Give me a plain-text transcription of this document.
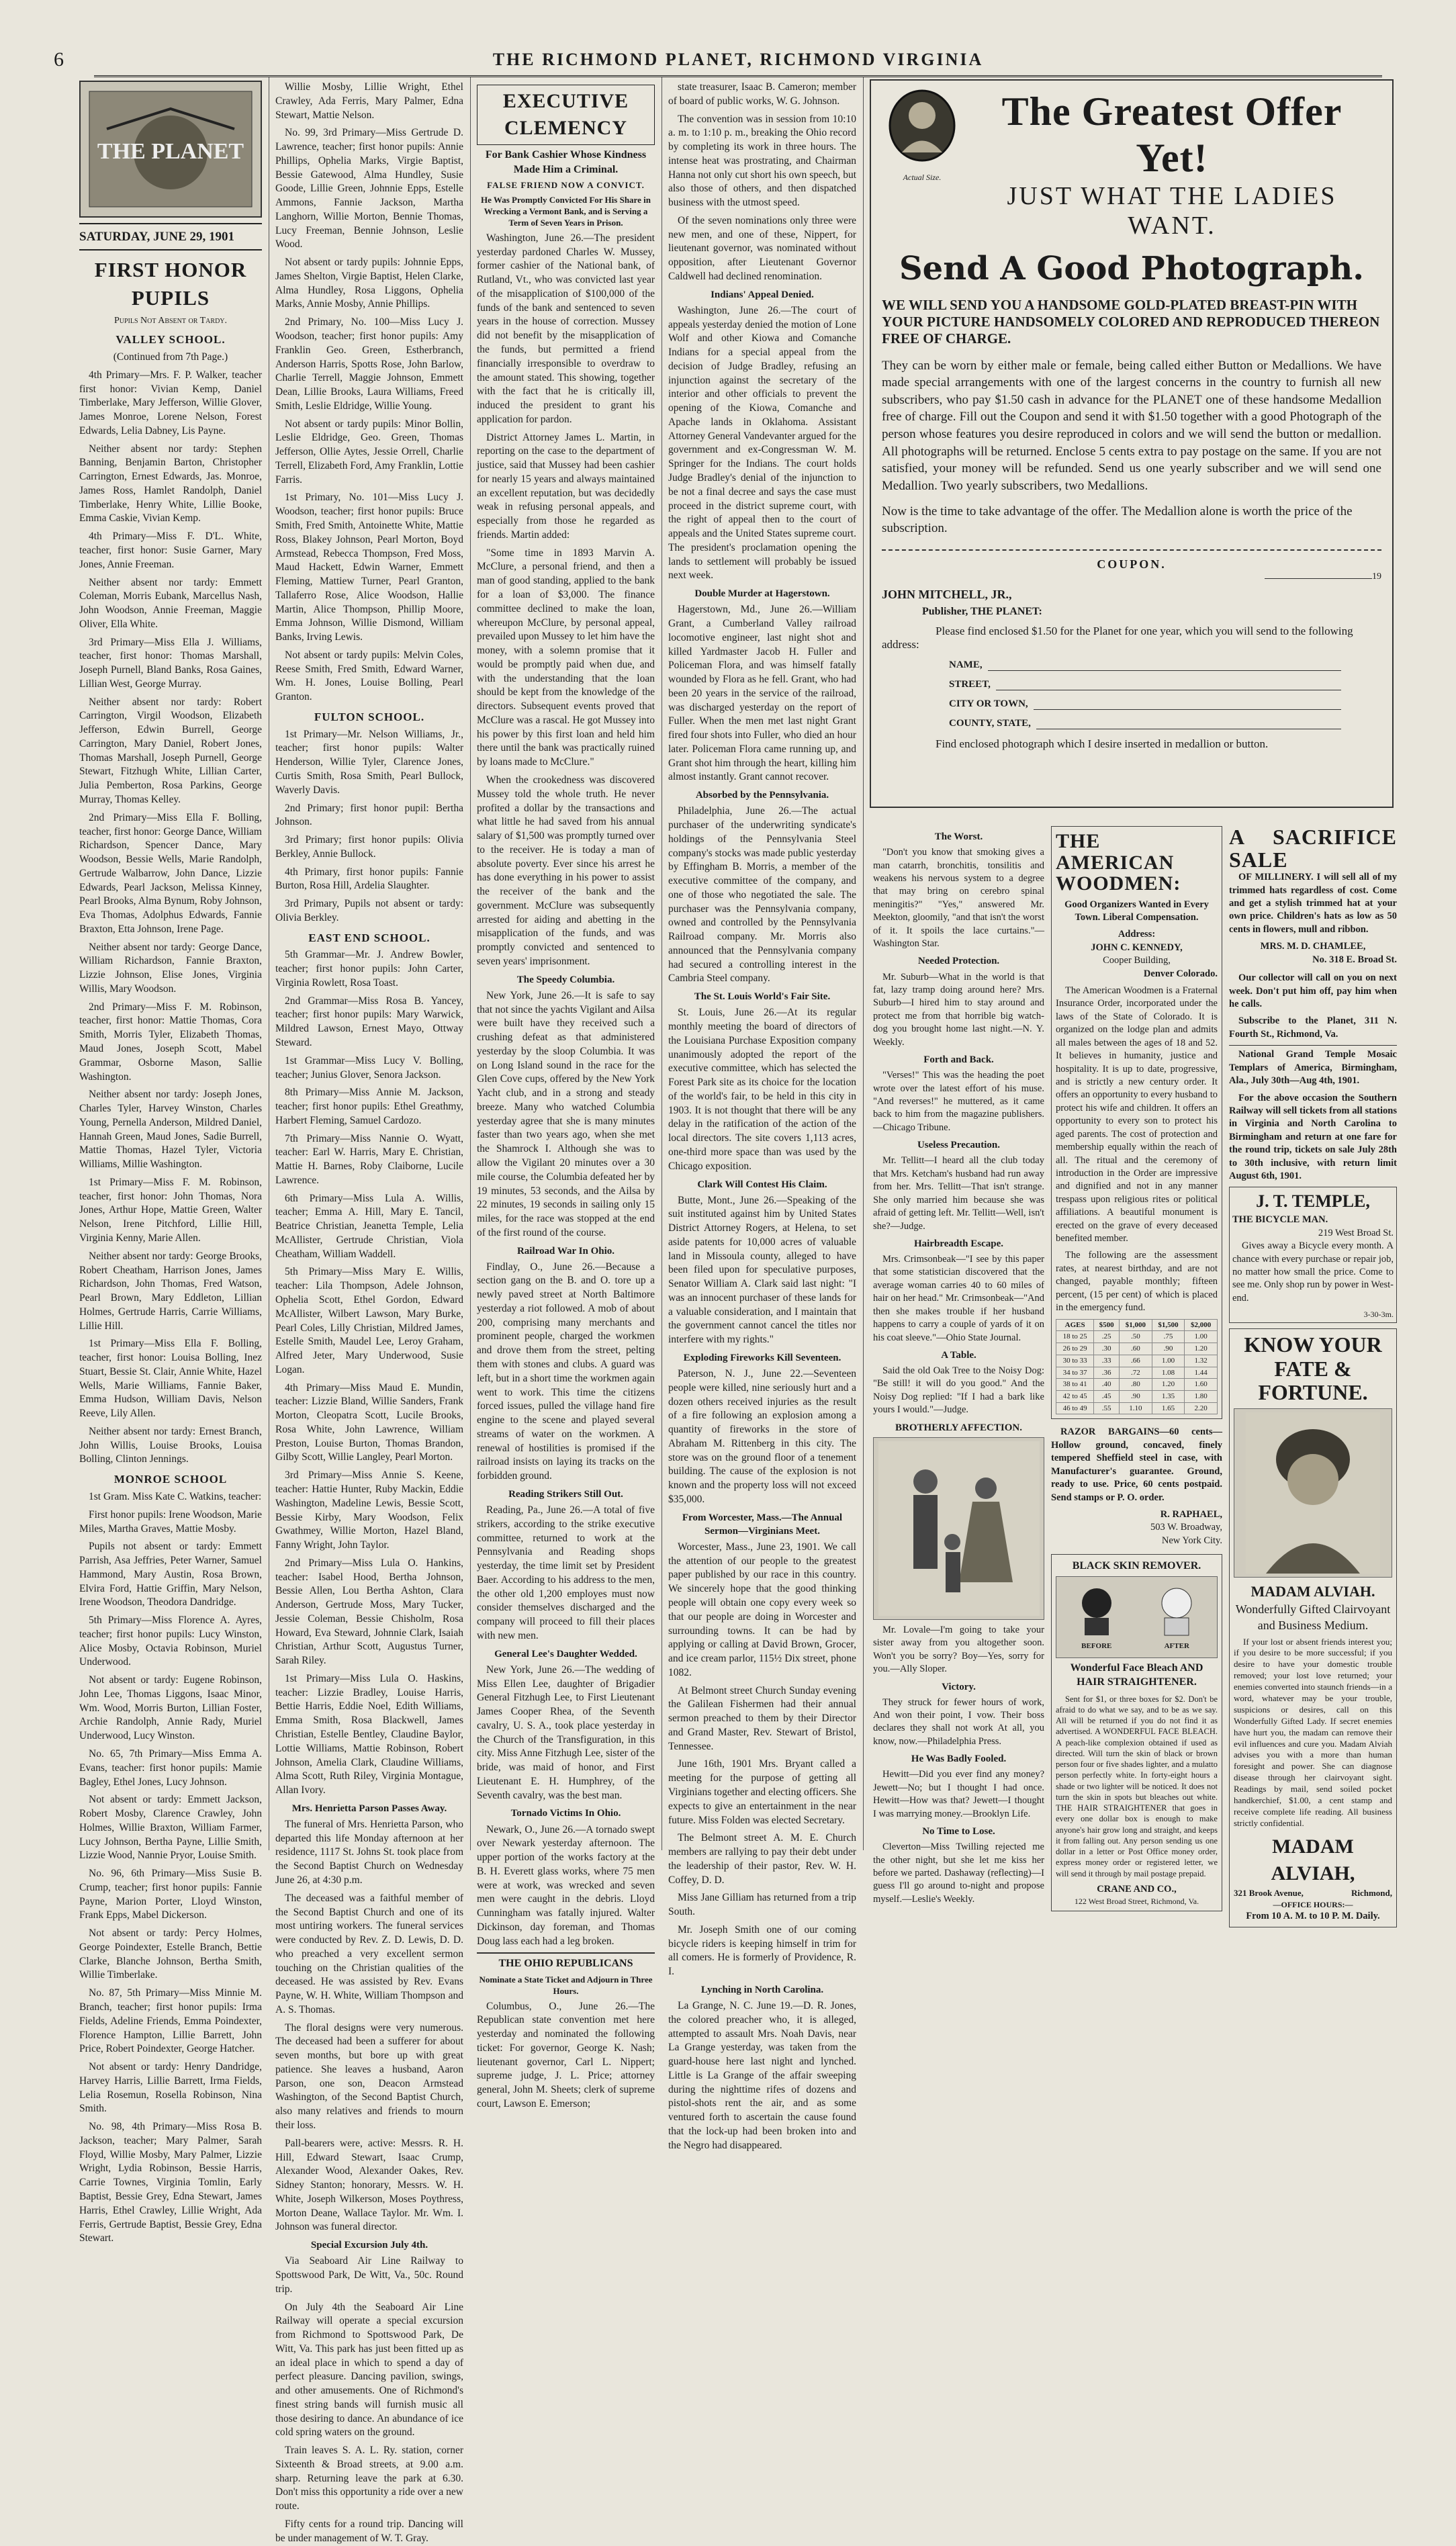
6	THE RICHMOND PLANET, RICHMOND VIRGINIA
THE PLANET
SATURDAY, JUNE 29, 1901
FIRST HONOR PUPILS
Pupils Not Absent or Tardy.
VALLEY SCHOOL.

(Continued from 7th Page.)

4th Primary—Mrs. F. P. Walker, teacher first honor: Vivian Kemp, Daniel Timberlake, Mary Jefferson, Willie Glover, James Monroe, Lorene Nelson, Forest Edwards, Lelia Dabney, Lis Payne.

Neither absent nor tardy: Stephen Banning, Benjamin Barton, Christopher Carrington, Ernest Edwards, Jas. Monroe, James Ross, Hamlet Randolph, Daniel Timberlake, Henry White, Lillie Booke, Emma Caskie, Vivian Kemp.

4th Primary—Miss F. D'L. White, teacher, first honor: Susie Garner, Mary Jones, Annie Freeman.

Neither absent nor tardy: Emmett Coleman, Morris Eubank, Marcellus Nash, John Woodson, Annie Freeman, Maggie Oliver, Ella White.

3rd Primary—Miss Ella J. Williams, teacher, first honor: Thomas Marshall, Joseph Purnell, Bland Banks, Rosa Gaines, Lillian West, George Murray.

Neither absent nor tardy: Robert Carrington, Virgil Woodson, Elizabeth Jefferson, Edwin Burrell, George Carrington, Mary Daniel, Robert Jones, Thomas Marshall, Joseph Purnell, George Stewart, Fitzhugh White, Lillian Carter, Julia Pemberton, Rosa Parkins, George Murray, Thomas Kelley.

2nd Primary—Miss Ella F. Bolling, teacher, first honor: George Dance, William Richardson, Spencer Dance, Mary Woodson, Bessie Wells, Marie Randolph, Gertrude Walbarrow, John Dance, Lizzie Edwards, Pearl Jackson, Melissa Kinney, Pearl Brooks, Alma Bynum, Roby Johnson, Eva Thomas, Adolphus Edwards, Fannie Braxton, Etta Johnson, Irene Page.

Neither absent nor tardy: George Dance, William Richardson, Fannie Braxton, Lizzie Johnson, Elise Jones, Virginia Willis, Mary Woodson.

2nd Primary—Miss F. M. Robinson, teacher, first honor: Mattie Thomas, Cora Smith, Morris Tyler, Elizabeth Thomas, Maud Jones, Joseph Scott, Mabel Grammar, Osborne Mason, Sallie Washington.

Neither absent nor tardy: Joseph Jones, Charles Tyler, Harvey Winston, Charles Young, Pernella Anderson, Mildred Daniel, Hannah Green, Maud Jones, Sadie Burrell, Mattie Thomas, Hazel Tyler, Victoria Williams, Millie Washington.

1st Primary—Miss F. M. Robinson, teacher, first honor: John Thomas, Nora Jones, Arthur Hope, Mattie Green, Walter Nelson, Irene Pitchford, Lillie Hill, Virginia Kenny, Marie Allen.

Neither absent nor tardy: George Brooks, Robert Cheatham, Harrison Jones, James Richardson, John Thomas, Fred Watson, Pearl Brown, Mary Eddleton, Lillian Holmes, Gertrude Harris, Carrie Williams, Lillie Hill.

1st Primary—Miss Ella F. Bolling, teacher, first honor: Louisa Bolling, Inez Stuart, Bessie St. Clair, Annie White, Hazel Wells, Marie Williams, Fannie Baker, Emma Hudson, William Davis, Nelson Reeve, Lily Allen.

Neither absent nor tardy: Ernest Branch, John Willis, Louise Brooks, Louisa Bolling, Clinton Jennings.

MONROE SCHOOL

1st Gram. Miss Kate C. Watkins, teacher:

First honor pupils: Irene Woodson, Marie Miles, Martha Graves, Mattie Mosby.

Pupils not absent or tardy: Emmett Parrish, Asa Jeffries, Peter Warner, Samuel Hammond, Mary Austin, Rosa Brown, Elvira Ford, Hattie Griffin, Mary Nelson, Irene Woodson, Theodora Dandridge.

5th Primary—Miss Florence A. Ayres, teacher; first honor pupils: Lucy Winston, Alice Mosby, Octavia Robinson, Muriel Underwood.

Not absent or tardy: Eugene Robinson, John Lee, Thomas Liggons, Isaac Minor, Wm. Wood, Morris Burton, Lillian Foster, Archie Randolph, Annie Rady, Muriel Underwood, Lucy Winston.

No. 65, 7th Primary—Miss Emma A. Evans, teacher: first honor pupils: Mamie Bagley, Ethel Jones, Lucy Johnson.

Not absent or tardy: Emmett Jackson, Robert Mosby, Clarence Crawley, John Holmes, Willie Braxton, William Farmer, Lucy Johnson, Bertha Payne, Lillie Smith, Lizzie Wood, Nannie Pryor, Louise Smith.

No. 96, 6th Primary—Miss Susie B. Crump, teacher; first honor pupils: Fannie Payne, Marion Porter, Lloyd Winston, Frank Epps, Mabel Dickerson.

Not absent or tardy: Percy Holmes, George Poindexter, Estelle Branch, Bettie Clarke, Blanche Johnson, Bertha Smith, Willie Timberlake.

No. 87, 5th Primary—Miss Minnie M. Branch, teacher; first honor pupils: Irma Fields, Adeline Friends, Emma Poindexter, Florence Hampton, Lillie Barrett, John Price, Robert Poindexter, George Hatcher.

Not absent or tardy: Henry Dandridge, Harvey Harris, Lillie Barrett, Irma Fields, Lelia Rosemun, Rosella Robinson, Nina Smith.

No. 98, 4th Primary—Miss Rosa B. Jackson, teacher; Mary Palmer, Sarah Floyd, Willie Mosby, Mary Palmer, Lizzie Wright, Lydia Robinson, Bessie Harris, Carrie Townes, Virginia Tomlin, Early Baptist, Bessie Grey, Edna Stewart, James Harris, Ethel Crawley, Lillie Wright, Ada Ferris, Gertrude Baptist, Bessie Grey, Edna Stewart.

Willie Mosby, Lillie Wright, Ethel Crawley, Ada Ferris, Mary Palmer, Edna Stewart, Mattie Nelson.

No. 99, 3rd Primary—Miss Gertrude D. Lawrence, teacher; first honor pupils: Annie Phillips, Ophelia Marks, Virgie Baptist, Bessie Gatewood, Alma Hundley, Susie Goode, Lillie Green, Johnnie Epps, Estelle Ammons, Fannie Jackson, Martha Langhorn, Willie Morton, Bennie Thomas, Lucy Freeman, Bennie Johnson, Leslie Wood.

Not absent or tardy pupils: Johnnie Epps, James Shelton, Virgie Baptist, Helen Clarke, Alma Hundley, Rosa Liggons, Ophelia Marks, Annie Mosby, Annie Phillips.

2nd Primary, No. 100—Miss Lucy J. Woodson, teacher; first honor pupils: Amy Franklin Geo. Green, Estherbranch, Anderson Harris, Spotts Rose, John Barlow, Charlie Terrell, Maggie Johnson, Emmett Dean, Lillie Brooks, Laura Williams, Freed Smith, Leslie Eldridge, Willie Young.

Not absent or tardy pupils: Minor Bollin, Leslie Eldridge, Geo. Green, Thomas Jefferson, Ollie Aytes, Jessie Orrell, Charlie Terrell, Elizabeth Ford, Amy Franklin, Lottie Farris.

1st Primary, No. 101—Miss Lucy J. Woodson, teacher; first honor pupils: Bruce Smith, Fred Smith, Antoinette White, Mattie Ross, Blakey Johnson, Pearl Morton, Boyd Armstead, Rebecca Thompson, Fred Moss, Maud Hackett, Edwin Warner, Emmett Fleming, Mattiew Turner, Pearl Granton, Tallaferro Rose, Alice Woodson, Hallie Martin, Alice Thompson, Phillip Moore, Emma Johnson, Willie Dismond, William Banks, Irving Lewis.

Not absent or tardy pupils: Melvin Coles, Reese Smith, Fred Smith, Edward Warner, Wm. H. Jones, Louise Bolling, Pearl Granton.

FULTON SCHOOL.

1st Primary—Mr. Nelson Williams, Jr., teacher; first honor pupils: Walter Henderson, Willie Tyler, Clarence Jones, Curtis Smith, Rosa Smith, Pearl Bullock, Waverly Davis.

2nd Primary; first honor pupil: Bertha Johnson.

3rd Primary; first honor pupils: Olivia Berkley, Annie Bullock.

4th Primary, first honor pupils: Fannie Burton, Rosa Hill, Ardelia Slaughter.

3rd Primary, Pupils not absent or tardy: Olivia Berkley.

EAST END SCHOOL.

5th Grammar—Mr. J. Andrew Bowler, teacher; first honor pupils: John Carter, Virginia Rowlett, Rosa Toast.

2nd Grammar—Miss Rosa B. Yancey, teacher; first honor pupils: Mary Warwick, Mildred Lawson, Ernest Mayo, Ottway Steward.

1st Grammar—Miss Lucy V. Bolling, teacher; Junius Glover, Senora Jackson.

8th Primary—Miss Annie M. Jackson, teacher; first honor pupils: Ethel Greathmy, Harbert Fleming, Samuel Cardozo.

7th Primary—Miss Nannie O. Wyatt, teacher: Earl W. Harris, Mary E. Christian, Mattie H. Barnes, Roby Claiborne, Lucile Lawrence.

6th Primary—Miss Lula A. Willis, teacher; Emma A. Hill, Mary E. Tancil, Beatrice Christian, Jeanetta Temple, Lelia McAllister, Gertrude Christian, Viola Cheatham, William Waddell.

5th Primary—Miss Mary E. Willis, teacher: Lila Thompson, Adele Johnson, Ophelia Scott, Ethel Gordon, Edward McAllister, Wilbert Lawson, Mary Burke, Pearl Coles, Lilly Christian, Mildred James, Estelle Smith, Maudel Lee, Leroy Graham, Alfred Jeter, Mary Underwood, Susie Logan.

4th Primary—Miss Maud E. Mundin, teacher: Lizzie Bland, Willie Sanders, Frank Morton, Cleopatra Scott, Lucile Brooks, Rosa White, John Lawrence, William Preston, Louise Burton, Thomas Brandon, Gilby Scott, Willie Langley, Pearl Morton.

3rd Primary—Miss Annie S. Keene, teacher: Hattie Hunter, Ruby Mackin, Eddie Washington, Madeline Lewis, Bessie Scott, Bessie Kirby, Mary Woodson, Felix Gwathmey, Willie Morton, Hazel Bland, Fanny Wright, John Taylor.

2nd Primary—Miss Lula O. Hankins, teacher: Isabel Hood, Bertha Johnson, Bessie Allen, Lou Bertha Ashton, Clara Anderson, Gertrude Moss, Mary Tucker, Jessie Coleman, Bessie Chisholm, Rosa Howard, Eva Steward, Johnnie Clark, Isaiah Christian, Arthur Scott, Augustus Turner, Sarah Riley.

1st Primary—Miss Lula O. Haskins, teacher: Lizzie Bradley, Louise Harris, Bettie Harris, Eddie Noel, Edith Williams, Emma Smith, Rosa Blackwell, James Christian, Estelle Bentley, Claudine Baylor, Lottie Williams, Mattie Robinson, Robert Johnson, Amelia Clark, Claudine Williams, Alma Scott, Ruth Riley, Virginia Montague, Allan Ivory.

Mrs. Henrietta Parson Passes Away.

The funeral of Mrs. Henrietta Parson, who departed this life Monday afternoon at her residence, 1117 St. Johns St. took place from the Second Baptist Church on Wednesday June 26, at 4:30 p.m.

The deceased was a faithful member of the Second Baptist Church and one of its most untiring workers. The funeral services were conducted by Rev. Z. D. Lewis, D. D. who preached a very excellent sermon touching on the Christian qualities of the deceased. He was assisted by Rev. Evans Payne, W. H. White, William Thompson and A. S. Thomas.

The floral designs were very numerous. The deceased had been a sufferer for about seven months, but bore up with great patience. She leaves a husband, Aaron Parson, one son, Deacon Armstead Washington, of the Second Baptist Church, also many relatives and friends to mourn their loss.

Pall-bearers were, active: Messrs. R. H. Hill, Edward Stewart, Isaac Crump, Alexander Wood, Alexander Oakes, Rev. Sidney Stanton; honorary, Messrs. W. H. White, Joseph Wilkerson, Moses Poythress, Morton Deane, Wallace Taylor. Mr. Wm. I. Johnson was funeral director.

Special Excursion July 4th.

Via Seaboard Air Line Railway to Spottswood Park, De Witt, Va., 50c. Round trip.

On July 4th the Seaboard Air Line Railway will operate a special excursion from Richmond to Spottswood Park, De Witt, Va. This park has just been fitted up as an ideal place in which to spend a day of perfect pleasure. Dancing pavilion, swings, and other amusements. One of Richmond's finest string bands will furnish music all those desiring to dance. An abundance of ice cold spring waters on the ground.

Train leaves S. A. L. Ry. station, corner Sixteenth & Broad streets, at 9.00 a.m. sharp. Returning leave the park at 6.30. Don't miss this opportunity a ride over a new route.

Fifty cents for a round trip. Dancing will be under management of W. T. Gray.

EXECUTIVE CLEMENCY
For Bank Cashier Whose Kindness Made Him a Criminal.
FALSE FRIEND NOW A CONVICT.
He Was Promptly Convicted For His Share in Wrecking a Vermont Bank, and is Serving a Term of Seven Years in Prison.

Washington, June 26.—The president yesterday pardoned Charles W. Mussey, former cashier of the National bank, of Rutland, Vt., who was convicted last year of the misapplication of $100,000 of the funds of the bank and sentenced to seven years in the house of correction. Mussey did not benefit by the misapplication of the funds, but permitted a friend financially irresponsible to overdraw to the amount stated. This showing, together with the fact that he is critically ill, induced the president to grant his application for pardon.

District Attorney James L. Martin, in reporting on the case to the department of justice, said that Mussey had been cashier for nearly 15 years and always maintained an excellent reputation, but was decidedly weak in refusing personal appeals, and especially from those he regarded as friends. Martin added:

"Some time in 1893 Marvin A. McClure, a personal friend, and then a man of good standing, applied to the bank for a loan of $3,000. The finance committee declined to make the loan, whereupon McClure, by personal appeal, prevailed upon Mussey to let him have the money, with a solemn promise that it would be promptly paid when due, and with the understanding that the loan should be kept from the knowledge of the directors. Subsequent events proved that McClure was a rascal. He got Mussey into his power by this first loan and held him there until the bank was practically ruined by loans made to McClure."

When the crookedness was discovered Mussey told the whole truth. He never profited a dollar by the transactions and what little he had saved from his annual salary of $1,500 was promptly turned over to the receiver. He is today a man of absolute poverty. Ever since his arrest he has done everything in his power to assist the receiver of the bank and the government. McClure was subsequently arrested for aiding and abetting in the misapplication of the funds, and was promptly convicted and sentenced to seven years' imprisonment.

The Speedy Columbia.

New York, June 26.—It is safe to say that not since the yachts Vigilant and Ailsa were built have they received such a crushing defeat as that administered yesterday by the sloop Columbia. It was on Long Island sound in the race for the Glen Cove cups, offered by the New York Yacht club, and in a strong and steady breeze. Many who watched Columbia yesterday agree that she is many minutes faster than two years ago, when she met the Shamrock I. Although she was to allow the Vigilant 20 minutes over a 30 mile course, the Columbia defeated her by 19 minutes, 53 seconds, and the Ailsa by 22 minutes, 19 seconds in sailing only 15 miles, for the race was stopped at the end of the first round of the course.

Railroad War In Ohio.

Findlay, O., June 26.—Because a section gang on the B. and O. tore up a newly paved street at North Baltimore yesterday a riot followed. A mob of about 200, comprising many merchants and prominent people, charged the workmen and drove them from the street, pelting them with stones and clubs. A guard was left, but in a short time the workmen again went to work. This time the citizens forced issues, pulled the village hand fire engine to the scene and played several streams of water on the workmen. A renewal of hostilities is promised if the railroad insists on laying its tracks on the forbidden ground.

Reading Strikers Still Out.

Reading, Pa., June 26.—A total of five strikers, according to the strike executive committee, returned to work at the Pennsylvania and Reading shops yesterday, the time limit set by President Baer. According to his address to the men, the other old 1,200 employes must now consider themselves discharged and the company will proceed to fill their places with new men.

General Lee's Daughter Wedded.

New York, June 26.—The wedding of Miss Ellen Lee, daughter of Brigadier General Fitzhugh Lee, to First Lieutenant James Cooper Rhea, of the Seventh cavalry, U. S. A., took place yesterday in the Church of the Transfiguration, in this city. Miss Anne Fitzhugh Lee, sister of the bride, was maid of honor, and First Lieutenant E. H. Humphrey, of the Seventh cavalry, was the best man.

Tornado Victims In Ohio.

Newark, O., June 26.—A tornado swept over Newark yesterday afternoon. The upper portion of the works factory at the B. H. Everett glass works, where 75 men were at work, was wrecked and seven men were caught in the debris. Lloyd Cunningham was fatally injured. Walter Dickinson, day foreman, and Thomas Doug lass each had a leg broken.

THE OHIO REPUBLICANS
Nominate a State Ticket and Adjourn in Three Hours.

Columbus, O., June 26.—The Republican state convention met here yesterday and nominated the following ticket: For governor, George K. Nash; lieutenant governor, Carl L. Nippert; supreme judge, J. L. Price; attorney general, John M. Sheets; clerk of supreme court, Lawson E. Emerson;

state treasurer, Isaac B. Cameron; member of board of public works, W. G. Johnson.

The convention was in session from 10:10 a. m. to 1:10 p. m., breaking the Ohio record by completing its work in three hours. The intense heat was prostrating, and Chairman Hanna not only cut short his own speech, but also those of others, and then dispatched business with the utmost speed.

Of the seven nominations only three were new men, and one of these, Nippert, for lieutenant governor, was nominated without opposition, after Lieutenant Governor Caldwell had declined renomination.

Indians' Appeal Denied.

Washington, June 26.—The court of appeals yesterday denied the motion of Lone Wolf and other Kiowa and Comanche Indians for a special appeal from the decision of Judge Bradley, refusing an injunction against the secretary of the interior and other officials to prevent the opening of the Kiowa, Comanche and Apache lands in Oklahoma. Assistant Attorney General Vandevanter argued for the government and ex-Congressman W. M. Springer for the Indians. The court holds Judge Bradley's denial of the injunction to be not a final decree and says the case must proceed in the district supreme court, with the right of appeal then to the court of appeals and the United States supreme court. The president's proclamation opening the lands to settlement will probably be issued next week.

Double Murder at Hagerstown.

Hagerstown, Md., June 26.—William Grant, a Cumberland Valley railroad locomotive engineer, last night shot and killed Yardmaster Jacob H. Fuller and Policeman Flora, and was himself fatally wounded by Flora as he fell. Grant, who had been 20 years in the service of the railroad, was discharged yesterday on the report of Fuller. When the men met last night Grant fired four shots into Fuller, who died an hour later. Policeman Flora came running up, and Grant shot him through the heart, killing him almost instantly. Grant cannot recover.

Absorbed by the Pennsylvania.

Philadelphia, June 26.—The actual purchaser of the underwriting syndicate's holdings of the Pennsylvania Steel company's stocks was made public yesterday by Effingham B. Morris, a member of the executive committee of the company, and one of those who negotiated the sale. The purchaser was the Pennsylvania company, owned and controlled by the Pennsylvania Railroad company. Mr. Morris also announced that the Pennsylvania company had secured a controlling interest in the Cambria Steel company.

The St. Louis World's Fair Site.

St. Louis, June 26.—At its regular monthly meeting the board of directors of the Louisiana Purchase Exposition company unanimously adopted the report of the executive committee, which has selected the Forest Park site as its choice for the location of the world's fair, to be held in this city in 1903. It is not thought that there will be any delay in the ratification of the action of the local directors. The site covers 1,113 acres, one-third more space than was used by the Chicago exposition.

Clark Will Contest His Claim.

Butte, Mont., June 26.—Speaking of the suit instituted against him by United States District Attorney Rogers, at Helena, to set aside patents for 10,000 acres of valuable land in Missoula county, alleged to have been filed upon for speculative purposes, Senator William A. Clark said last night: "I was an innocent purchaser of these lands for a valuable consideration, and I maintain that the government cannot cancel the titles nor interfere with my rights."

Exploding Fireworks Kill Seventeen.

Paterson, N. J., June 22.—Seventeen people were killed, nine seriously hurt and a dozen others received injuries as the result of a fire following an explosion among a quantity of fireworks in the store of Abraham M. Rittenberg in this city. The store was on the ground floor of a tenement building. The cause of the explosion is not known and the property loss will not exceed $35,000.

From Worcester, Mass.—The Annual Sermon—Virginians Meet.

Worcester, Mass., June 23, 1901. We call the attention of our people to the greatest paper published by our race in this country. We sincerely hope that the good thinking people will obtain one copy every week so that our people are doing in Worcester and surrounding towns. It can be had by applying or calling at David Brown, Grocer, and ice cream parlor, 115½ Dix street, phone 1082.

At Belmont street Church Sunday evening the Galilean Fishermen had their annual sermon preached to them by their Director and Grand Master, Rev. Stewart of Bristol, Tennessee.

June 16th, 1901 Mrs. Bryant called a meeting for the purpose of getting all Virginians together and electing officers. She expects to give an entertainment in the near future. Miss Folden was elected Secretary.

The Belmont street A. M. E. Church members are rallying to pay their debt under the leadership of their pastor, Rev. W. H. Coffey, D. D.

Miss Jane Gilliam has returned from a trip South.

Mr. Joseph Smith one of our coming bicycle riders is keeping himself in trim for all comers. He is formerly of Providence, R. I.

Lynching in North Carolina.

La Grange, N. C. June 19.—D. R. Jones, the colored preacher who, it is alleged, attempted to assault Mrs. Noah Davis, near La Grange yesterday, was taken from the guard-house here last night and lynched. Little is La Grange of the affair sweeping during the nighttime rifes of dozens and pistol-shots rent the air, and as some ventured forth to ascertain the cause found that the lock-up had been broken into and the Negro had disappeared.

Actual Size.
The Greatest Offer Yet!
JUST WHAT THE LADIES WANT.
Send A Good Photograph.
WE WILL SEND YOU A HANDSOME GOLD-PLATED BREAST-PIN WITH YOUR PICTURE HANDSOMELY COLORED AND REPRODUCED THEREON FREE OF CHARGE.
They can be worn by either male or female, being called either Button or Medallions. We have made special arrangements with one of the largest concerns in the country to furnish all new subscribers, who pay $1.50 cash in advance for the PLANET one of these handsome Medallion free of charge. Fill out the Coupon and send it with $1.50 together with a good Photograph of the person whose features you desire reproduced in colors and we will send the button or medallion. All photographs will be returned. Enclose 5 cents extra to pay postage on the same. If you are not satisfied, your money will be refunded. Send us one yearly subscriber and we will send one Medallion. Two yearly subscribers, two Medallions.
Now is the time to take advantage of the offer. The Medallion alone is worth the price of the subscription.
COUPON.
19
JOHN MITCHELL, JR.,
Publisher, THE PLANET:
Please find enclosed $1.50 for the Planet for one year, which you will send to the following address:
NAME,
STREET,
CITY OR TOWN,
COUNTY, STATE,
Find enclosed photograph which I desire inserted in medallion or button.
The Worst.

"Don't you know that smoking gives a man catarrh, bronchitis, tonsilitis and weakens his nervous system to a degree that may bring on cerebro spinal meningitis?" "Yes," answered Mr. Meekton, gloomily, "and that isn't the worst of it. It spoils the lace curtains."—Washington Star.

Needed Protection.

Mr. Suburb—What in the world is that fat, lazy tramp doing around here? Mrs. Suburb—I hired him to stay around and protect me from that horrible big watch-dog you brought home last night.—N. Y. Weekly.

Forth and Back.

"Verses!" This was the heading the poet wrote over the latest effort of his muse. "And reverses!" he muttered, as it came back to him from the magazine publishers.—Chicago Tribune.

Useless Precaution.

Mr. Tellitt—I heard all the club today that Mrs. Ketcham's husband had run away from her. Mrs. Tellitt—That isn't strange. She only married him because she was afraid of getting left. Mr. Tellitt—Well, isn't she?—Judge.

Hairbreadth Escape.

Mrs. Crimsonbeak—"I see by this paper that some statistician discovered that the average woman carries 40 to 60 miles of hair on her head." Mr. Crimsonbeak—"And then she makes trouble if her husband happens to carry a couple of yards of it on his coat sleeve."—Ohio State Journal.

A Table.

Said the old Oak Tree to the Noisy Dog: "Be still! it will do you good." And the Noisy Dog replied: "If I had a bark like yours I would."—Judge.

BROTHERLY AFFECTION.

Mr. Lovale—I'm going to take your sister away from you altogether soon. Won't you be sorry? Boy—Yes, sorry for you.—Ally Sloper.

Victory.

They struck for fewer hours of work, And won their point, I vow. Their boss declares they shall not work At all, you know, now.—Philadelphia Press.

He Was Badly Fooled.

Hewitt—Did you ever find any money? Jewett—No; but I thought I had once. Hewitt—How was that? Jewett—I thought I was marrying money.—Brooklyn Life.

No Time to Lose.

Cleverton—Miss Twilling rejected me the other night, but she let me kiss her before we parted. Dashaway (reflecting)—I guess I'll go around to-night and propose myself.—Leslie's Weekly.

THE AMERICAN WOODMEN:
Good Organizers Wanted in Every Town. Liberal Compensation.
Address:
JOHN C. KENNEDY,
Cooper Building,
Denver Colorado.

The American Woodmen is a Fraternal Insurance Order, incorporated under the laws of the State of Colorado. It is organized on the lodge plan and admits all males between the ages of 18 and 52. It believes in humanity, justice and hospitality. It is up to date, progressive, and is strictly a new century order. It offers an opportunity to every husband to protect his wife and children. It offers an opportunity to every son to protect his aged parents. The cost of protection and membership equally within the reach of all. The ritual and the ceremony of introduction in the Order are impressive and dignified and not in any manner trespass upon religious rites or political affiliations. A beautiful monument is erected on the grave of every deceased benefited member.

The following are the assessment rates, at nearest birthday, and are not changed, payable monthly; fifteen percent, (15 per cent) of which is placed in the emergency fund.

AGES	$500	$1,000	$1,500	$2,000
18 to 25	.25	.50	.75	1.00
26 to 29	.30	.60	.90	1.20
30 to 33	.33	.66	1.00	1.32
34 to 37	.36	.72	1.08	1.44
38 to 41	.40	.80	1.20	1.60
42 to 45	.45	.90	1.35	1.80
46 to 49	.55	1.10	1.65	2.20

RAZOR BARGAINS—60 cents—Hollow ground, concaved, finely tempered Sheffield steel in case, with Manufacturer's guarantee. Ground, ready to use. Price, 60 cents postpaid. Send stamps or P. O. order.

R. RAPHAEL,
503 W. Broadway,
New York City.
BLACK SKIN REMOVER.
BEFORE	AFTER
Wonderful Face Bleach AND HAIR STRAIGHTENER.

Sent for $1, or three boxes for $2. Don't be afraid to do what we say, and to be as we say. All will be returned if you do not find it as advertised. A WONDERFUL FACE BLEACH. A peach-like complexion obtained if used as directed. Will turn the skin of black or brown person four or five shades lighter, and a mulatto person perfectly white. In forty-eight hours a shade or two lighter will be noticed. It does not turn the skin in spots but bleaches out white. THE HAIR STRAIGHTENER that goes in every one dollar box is enough to make anyone's hair grow long and straight, and keeps it from falling out. Any person sending us one dollar in a letter or Post Office money order, express money order or registered letter, we will send it through by mail postage prepaid.

CRANE AND CO.,
122 West Broad Street, Richmond, Va.
A SACRIFICE SALE

OF MILLINERY. I will sell all of my trimmed hats regardless of cost. Come and get a stylish trimmed hat at your own price. Children's hats as low as 50 cents in flowers, mull and ribbon.

MRS. M. D. CHAMLEE,
No. 318 E. Broad St.

Our collector will call on you on next week. Don't put him off, pay him when he calls.

Subscribe to the Planet, 311 N. Fourth St., Richmond, Va.

National Grand Temple Mosaic Templars of America, Birmingham, Ala., July 30th—Aug 4th, 1901.

For the above occasion the Southern Railway will sell tickets from all stations in Virginia and North Carolina to Birmingham and return at one fare for the round trip, tickets on sale July 28th to 30th inclusive, with return limit August 6th, 1901.

J. T. TEMPLE,
THE BICYCLE MAN.
219 West Broad St.

Gives away a Bicycle every month. A chance with every purchase or repair job, no matter how small the price. Come to see me. Only shop run by power in West-end.

3-30-3m.
KNOW YOUR FATE & FORTUNE.
MADAM ALVIAH.
Wonderfully Gifted Clairvoyant and Business Medium.

If your lost or absent friends interest you; if you desire to be more successful; if you desire to have your domestic trouble removed; your lost love returned; your enemies converted into staunch friends—in a word, whatever may be your trouble, suspicions or desires, call on this Wonderfully Gifted Lady. If secret enemies have hurt you, the madam can remove their evil influences and cure you. Madam Alviah advises you with a more than human foresight and power. She can diagnose disease through her clairvoyant sight. Readings by mail, send soiled pocket handkerchief, $1.00, a cent stamp and receive complete life reading. All business strictly confidential.

MADAM ALVIAH,
321 Brook Avenue,	Richmond,
—OFFICE HOURS:—
From 10 A. M. to 10 P. M. Daily.
